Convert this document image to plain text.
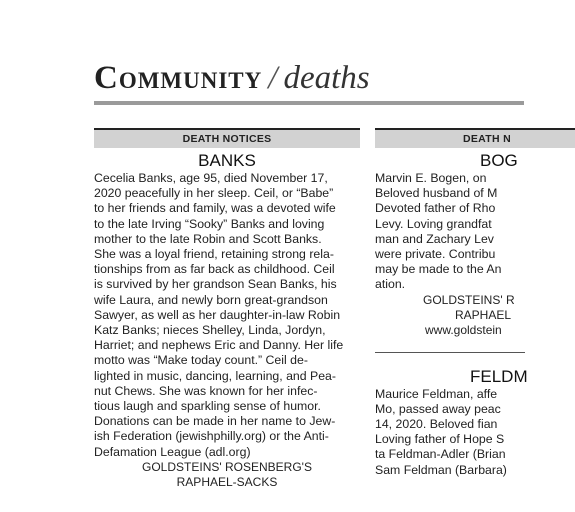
Community / deaths
DEATH NOTICES
BANKS
Cecelia Banks, age 95, died November 17,
2020 peacefully in her sleep. Ceil, or “Babe”
to her friends and family, was a devoted wife
to the late Irving “Sooky” Banks and loving
mother to the late Robin and Scott Banks.
She was a loyal friend, retaining strong rela-
tionships from as far back as childhood. Ceil
is survived by her grandson Sean Banks, his
wife Laura, and newly born great-grandson
Sawyer, as well as her daughter-in-law Robin
Katz Banks; nieces Shelley, Linda, Jordyn,
Harriet; and nephews Eric and Danny. Her life
motto was “Make today count.” Ceil de-
lighted in music, dancing, learning, and Pea-
nut Chews. She was known for her infec-
tious laugh and sparkling sense of humor.
Donations can be made in her name to Jew-
ish Federation (jewishphilly.org) or the Anti-
Defamation League (adl.org)
GOLDSTEINS' ROSENBERG'S
RAPHAEL-SACKS
DEATH N
BOG
Marvin E. Bogen, on
Beloved husband of M
Devoted father of Rho
Levy. Loving grandfat
man and Zachary Lev
were private. Contribu
may be made to the An
ation.
GOLDSTEINS' R
RAPHAEL
www.goldstein
FELDM
Maurice Feldman, affe
Mo, passed away peac
14, 2020. Beloved fian
Loving father of Hope S
ta Feldman-Adler (Brian
Sam Feldman (Barbara)
